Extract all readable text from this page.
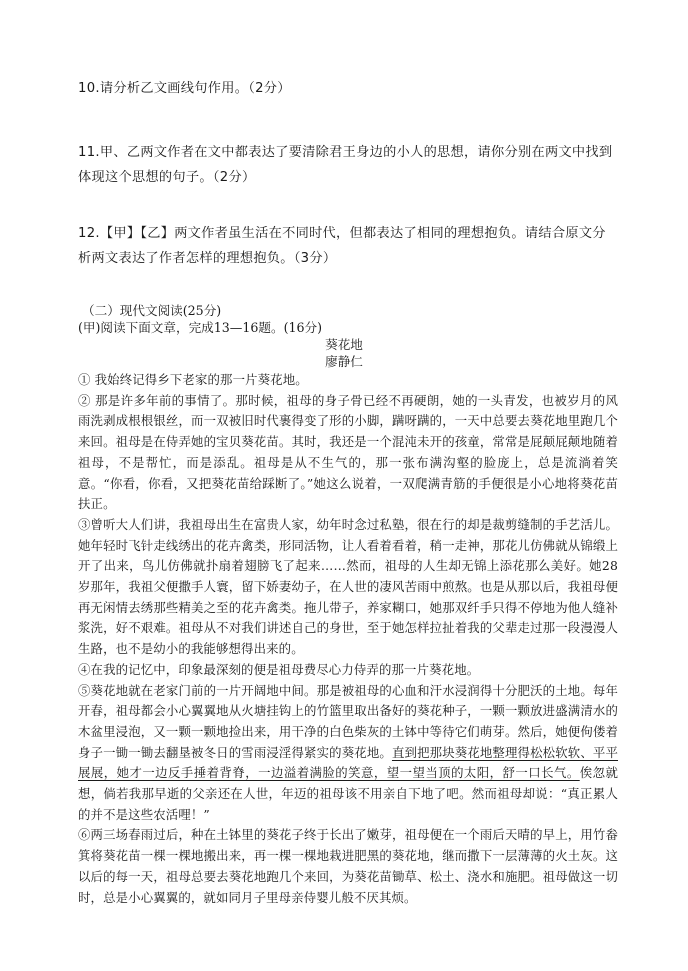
10.请分析乙文画线句作用。（2分）
11.甲、乙两文作者在文中都表达了要清除君王身边的小人的思想，请你分别在两文中找到体现这个思想的句子。（2分）
12.【甲】【乙】两文作者虽生活在不同时代，但都表达了相同的理想抱负。请结合原文分析两文表达了作者怎样的理想抱负。（3分）
（二）现代文阅读(25分)
(甲)阅读下面文章，完成13—16题。(16分)
葵花地
廖静仁

① 我始终记得乡下老家的那一片葵花地。

② 那是许多年前的事情了。那时候，祖母的身子骨已经不再硬朗，她的一头青发，也被岁月的风雨洗剥成根根银丝，而一双被旧时代裹得变了形的小脚，蹒呀蹒的，一天中总要去葵花地里跑几个来回。祖母是在侍弄她的宝贝葵花苗。其时，我还是一个混沌未开的孩童，常常是屁颠屁颠地随着祖母，不是帮忙，而是添乱。祖母是从不生气的，那一张布满沟壑的脸庞上，总是流淌着笑意。“你看，你看，又把葵花苗给踩断了。”她这么说着，一双爬满青筋的手便很是小心地将葵花苗扶正。

③曾听大人们讲，我祖母出生在富贵人家，幼年时念过私塾，很在行的却是裁剪缝制的手艺活儿。她年轻时飞针走线绣出的花卉禽类，形同活物，让人看着看着，稍一走神，那花儿仿佛就从锦缎上开了出来，鸟儿仿佛就扑扇着翅膀飞了起来……然而，祖母的人生却无锦上添花那么美好。她28岁那年，我祖父便撒手人寰，留下娇妻幼子，在人世的凄风苦雨中煎熬。也是从那以后，我祖母便再无闲情去绣那些精美之至的花卉禽类。拖儿带子，养家糊口，她那双纤手只得不停地为他人缝补浆洗，好不艰难。祖母从不对我们讲述自己的身世，至于她怎样拉扯着我的父辈走过那一段漫漫人生路，也不是幼小的我能够想得出来的。

④在我的记忆中，印象最深刻的便是祖母费尽心力侍弄的那一片葵花地。

⑤葵花地就在老家门前的一片开阔地中间。那是被祖母的心血和汗水浸润得十分肥沃的土地。每年开春，祖母都会小心翼翼地从火塘挂钩上的竹篮里取出备好的葵花种子，一颗一颗放进盛满清水的木盆里浸泡，又一颗一颗地捡出来，用干净的白色柴灰的土钵中等待它们萌芽。然后，她便佝偻着身子一锄一锄去翻垦被冬日的雪雨浸淫得紧实的葵花地。直到把那块葵花地整理得松松软软、平平展展，她才一边反手捶着背脊，一边溢着满脸的笑意，望一望当顶的太阳，舒一口长气。俟忽就想，倘若我那早逝的父亲还在人世，年迈的祖母该不用亲自下地了吧。然而祖母却说：“真正累人的并不是这些农活哩！”

⑥两三场春雨过后，种在土钵里的葵花子终于长出了嫩芽，祖母便在一个雨后天晴的早上，用竹畚箕将葵花苗一棵一棵地搬出来，再一棵一棵地栽进肥黑的葵花地，继而撒下一层薄薄的火土灰。这以后的每一天，祖母总要去葵花地跑几个来回，为葵花苗锄草、松土、浇水和施肥。祖母做这一切时，总是小心翼翼的，就如同月子里母亲侍婴儿般不厌其烦。
